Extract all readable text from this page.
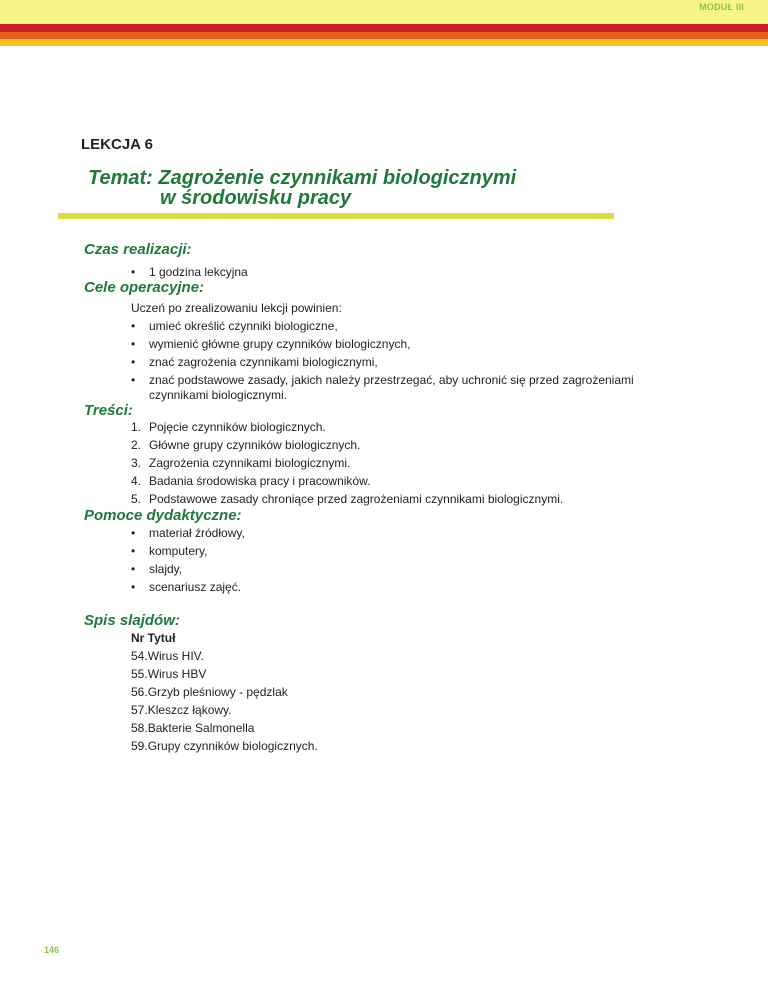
MODUŁ III
LEKCJA 6
Temat: Zagrożenie czynnikami biologicznymi
w środowisku pracy
Czas realizacji:
• 1 godzina lekcyjna
Cele operacyjne:
Uczeń po zrealizowaniu lekcji powinien:
• umieć określić czynniki biologiczne,
• wymienić główne grupy czynników biologicznych,
• znać zagrożenia czynnikami biologicznymi,
• znać podstawowe zasady, jakich należy przestrzegać, aby uchronić się przed zagrożeniami czynnikami biologicznymi.
Treści:
1. Pojęcie czynników biologicznych.
2. Główne grupy czynników biologicznych.
3. Zagrożenia czynnikami biologicznymi.
4. Badania środowiska pracy i pracowników.
5. Podstawowe zasady chroniące przed zagrożeniami czynnikami biologicznymi.
Pomoce dydaktyczne:
• materiał źródłowy,
• komputery,
• slajdy,
• scenariusz zajęć.
Spis slajdów:
Nr Tytuł
54.Wirus HIV.
55.Wirus HBV
56.Grzyb pleśniowy - pędzlak
57.Kleszcz łąkowy.
58.Bakterie Salmonella
59.Grupy czynników biologicznych.
146
